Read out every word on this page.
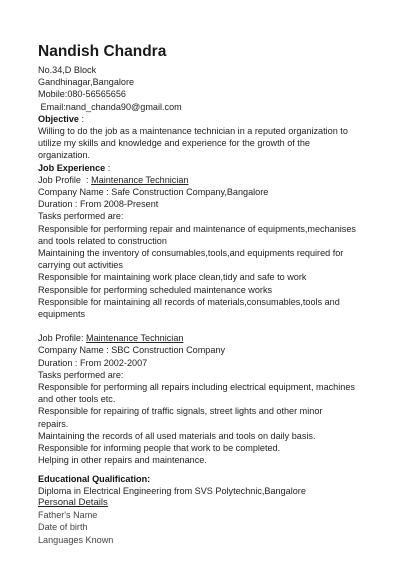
Nandish Chandra
No.34,D Block
Gandhinagar,Bangalore
Mobile:080-56565656
Email:nand_chanda90@gmail.com
Objective :
Willing to do the job as a maintenance technician in a reputed organization to utilize my skills and knowledge and experience for the growth of the organization.
Job Experience :
Job Profile  : Maintenance Technician
Company Name : Safe Construction Company,Bangalore
Duration : From 2008-Present
Tasks performed are:
Responsible for performing repair and maintenance of equipments,mechanises and tools related to construction
Maintaining the inventory of consumables,tools,and equipments required for carrying out activities
Responsible for maintaining work place clean,tidy and safe to work
Responsible for performing scheduled maintenance works
Responsible for maintaining all records of materials,consumables,tools and equipments
Job Profile: Maintenance Technician
Company Name : SBC Construction Company
Duration : From 2002-2007
Tasks performed are:
Responsible for performing all repairs including electrical equipment, machines and other tools etc.
Responsible for repairing of traffic signals, street lights and other minor repairs.
Maintaining the records of all used materials and tools on daily basis.
Responsible for informing people that work to be completed.
Helping in other repairs and maintenance.
Educational Qualification:
Diploma in Electrical Engineering from SVS Polytechnic,Bangalore
Personal Details
Father's Name
Date of birth
Languages Known
